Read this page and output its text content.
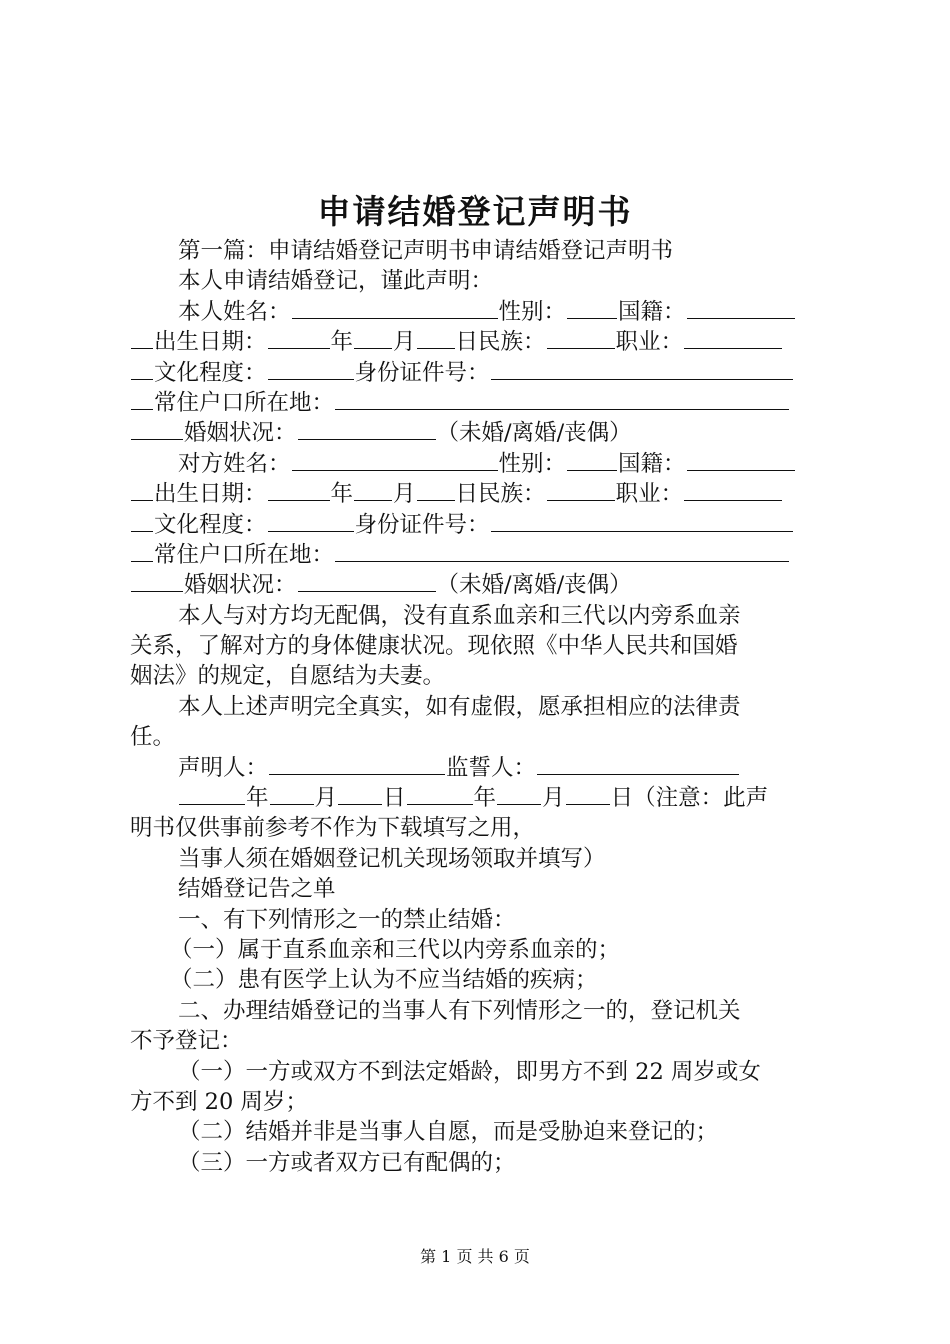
申请结婚登记声明书
第一篇：申请结婚登记声明书申请结婚登记声明书
本人申请结婚登记，谨此声明：
本人姓名：	性别： 国籍：
出生日期：	年 月 日民族：	职业：
文化程度：	身份证件号：
常住户口所在地：
婚姻状况：	（未婚/离婚/丧偶）
对方姓名：	性别： 国籍：
出生日期：	年 月 日民族：	职业：
文化程度：	身份证件号：
常住户口所在地：
婚姻状况：	（未婚/离婚/丧偶）
本人与对方均无配偶，没有直系血亲和三代以内旁系血亲
关系，了解对方的身体健康状况。现依照《中华人民共和国婚
姻法》的规定，自愿结为夫妻。
本人上述声明完全真实，如有虚假，愿承担相应的法律责
任。
声明人：	监誓人：
年 月 日	年 月 日（注意：此声
明书仅供事前参考不作为下载填写之用，
当事人须在婚姻登记机关现场领取并填写）
结婚登记告之单
一、有下列情形之一的禁止结婚：
（一）属于直系血亲和三代以内旁系血亲的；
（二）患有医学上认为不应当结婚的疾病；
二、办理结婚登记的当事人有下列情形之一的，登记机关
不予登记：
（一）一方或双方不到法定婚龄，即男方不到 22 周岁或女
方不到 20 周岁；
（二）结婚并非是当事人自愿，而是受胁迫来登记的；
（三）一方或者双方已有配偶的；
第 1 页 共 6 页
